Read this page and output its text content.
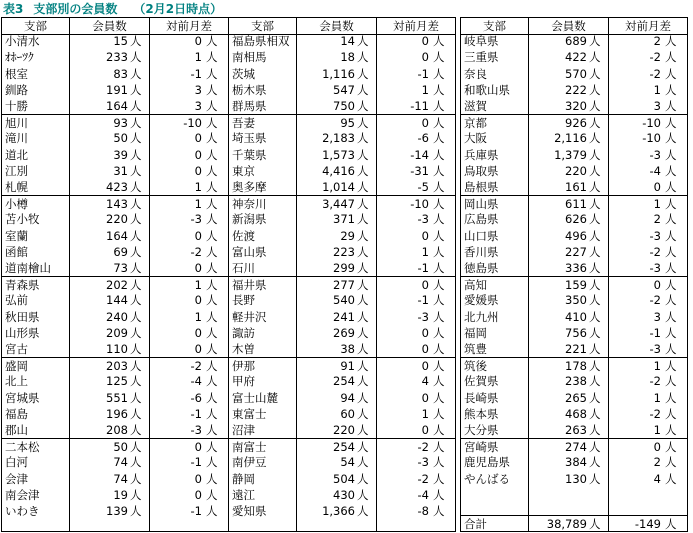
表3 支部別の会員数 （2月2日時点）
支部	会員数	対前月差
小清水	15 人	0 人
ｵﾎｰﾂｸ	233 人	1 人
根室	83 人	-1 人
釧路	191 人	3 人
十勝	164 人	3 人
旭川	93 人	-10 人
滝川	50 人	0 人
道北	39 人	0 人
江別	31 人	0 人
札幌	423 人	1 人
小樽	143 人	1 人
苫小牧	220 人	-3 人
室蘭	164 人	0 人
函館	69 人	-2 人
道南檜山	73 人	0 人
青森県	202 人	1 人
弘前	144 人	0 人
秋田県	240 人	1 人
山形県	209 人	0 人
宮古	110 人	0 人
盛岡	203 人	-2 人
北上	125 人	-4 人
宮城県	551 人	-6 人
福島	196 人	-1 人
郡山	208 人	-3 人
二本松	50 人	0 人
白河	74 人	-1 人
会津	74 人	0 人
南会津	19 人	0 人
いわき	139 人	-1 人
支部	会員数	対前月差
福島県相双	14 人	0 人
南相馬	18 人	0 人
茨城	1,116 人	-1 人
栃木県	547 人	1 人
群馬県	750 人	-11 人
吾妻	95 人	0 人
埼玉県	2,183 人	-6 人
千葉県	1,573 人	-14 人
東京	4,416 人	-31 人
奥多摩	1,014 人	-5 人
神奈川	3,447 人	-10 人
新潟県	371 人	-3 人
佐渡	29 人	0 人
富山県	223 人	1 人
石川	299 人	-1 人
福井県	277 人	0 人
長野	540 人	-1 人
軽井沢	241 人	-3 人
諏訪	269 人	0 人
木曽	38 人	0 人
伊那	91 人	0 人
甲府	254 人	4 人
富士山麓	94 人	0 人
東富士	60 人	1 人
沼津	220 人	0 人
南富士	254 人	-2 人
南伊豆	54 人	-3 人
静岡	504 人	-2 人
遠江	430 人	-4 人
愛知県	1,366 人	-8 人
支部	会員数	対前月差
岐阜県	689 人	2 人
三重県	422 人	-2 人
奈良	570 人	-2 人
和歌山県	222 人	1 人
滋賀	320 人	3 人
京都	926 人	-10 人
大阪	2,116 人	-10 人
兵庫県	1,379 人	-3 人
鳥取県	220 人	-4 人
島根県	161 人	0 人
岡山県	611 人	1 人
広島県	626 人	2 人
山口県	496 人	-3 人
香川県	227 人	-2 人
徳島県	336 人	-3 人
高知	159 人	0 人
愛媛県	350 人	-2 人
北九州	410 人	3 人
福岡	756 人	-1 人
筑豊	221 人	-3 人
筑後	178 人	1 人
佐賀県	238 人	-2 人
長崎県	265 人	1 人
熊本県	468 人	-2 人
大分県	263 人	1 人
宮崎県	274 人	0 人
鹿児島県	384 人	2 人
やんばる	130 人	4 人
合計	38,789 人	-149 人
